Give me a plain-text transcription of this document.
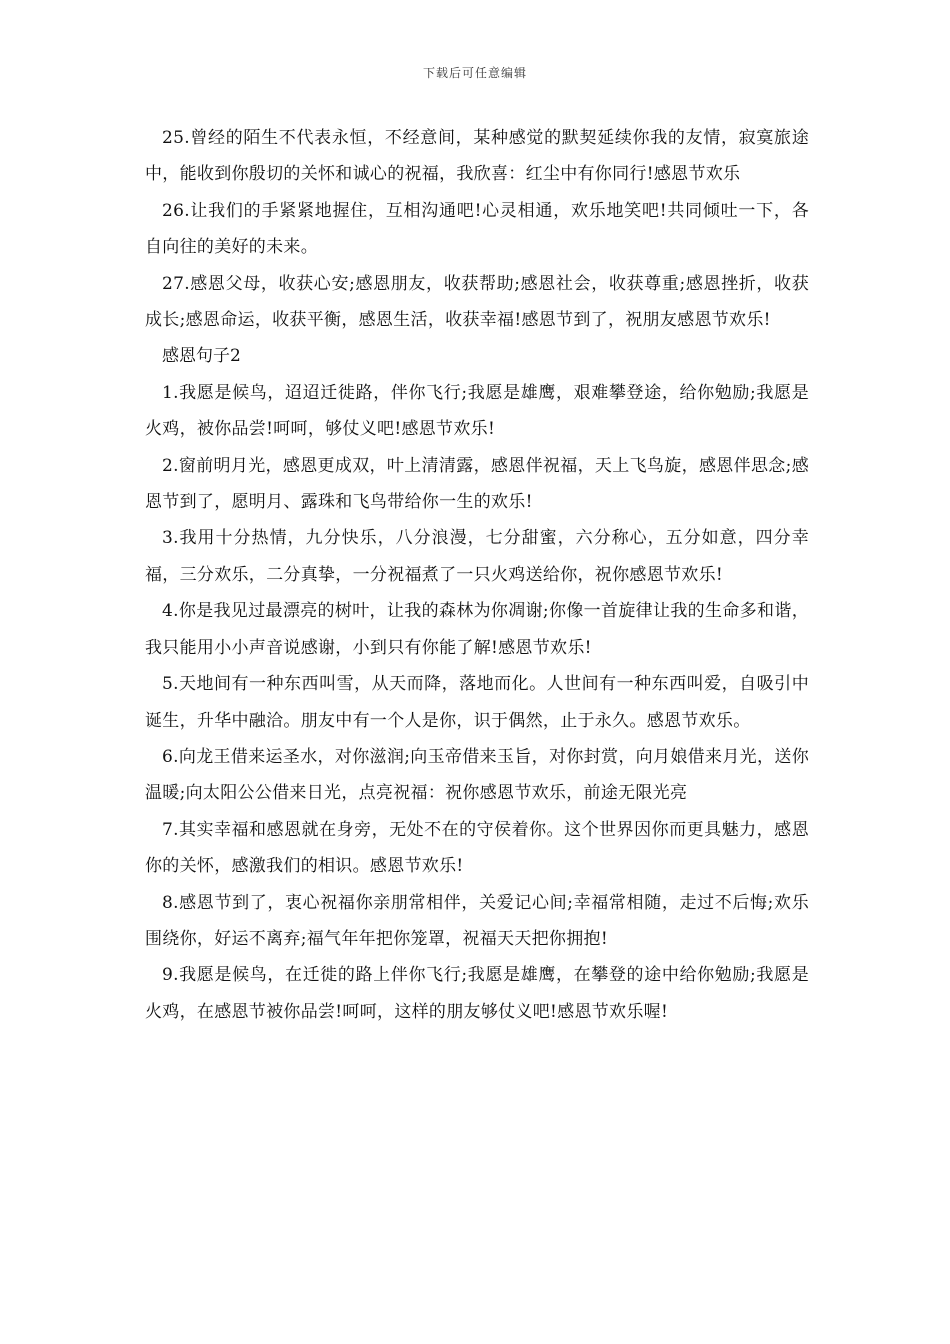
下载后可任意编辑

25.曾经的陌生不代表永恒，不经意间，某种感觉的默契延续你我的友情，寂寞旅途中，能收到你殷切的关怀和诚心的祝福，我欣喜：红尘中有你同行!感恩节欢乐

26.让我们的手紧紧地握住，互相沟通吧!心灵相通，欢乐地笑吧!共同倾吐一下，各自向往的美好的未来。

27.感恩父母，收获心安;感恩朋友，收获帮助;感恩社会，收获尊重;感恩挫折，收获成长;感恩命运，收获平衡，感恩生活，收获幸福!感恩节到了，祝朋友感恩节欢乐!

感恩句子2

1.我愿是候鸟，迢迢迁徙路，伴你飞行;我愿是雄鹰，艰难攀登途，给你勉励;我愿是火鸡，被你品尝!呵呵，够仗义吧!感恩节欢乐!

2.窗前明月光，感恩更成双，叶上清清露，感恩伴祝福，天上飞鸟旋，感恩伴思念;感恩节到了，愿明月、露珠和飞鸟带给你一生的欢乐!

3.我用十分热情，九分快乐，八分浪漫，七分甜蜜，六分称心，五分如意，四分幸福，三分欢乐，二分真挚，一分祝福煮了一只火鸡送给你，祝你感恩节欢乐!

4.你是我见过最漂亮的树叶，让我的森林为你凋谢;你像一首旋律让我的生命多和谐，我只能用小小声音说感谢，小到只有你能了解!感恩节欢乐!

5.天地间有一种东西叫雪，从天而降，落地而化。人世间有一种东西叫爱，自吸引中诞生，升华中融洽。朋友中有一个人是你，识于偶然，止于永久。感恩节欢乐。

6.向龙王借来运圣水，对你滋润;向玉帝借来玉旨，对你封赏，向月娘借来月光，送你温暖;向太阳公公借来日光，点亮祝福：祝你感恩节欢乐，前途无限光亮

7.其实幸福和感恩就在身旁，无处不在的守侯着你。这个世界因你而更具魅力，感恩你的关怀，感激我们的相识。感恩节欢乐!

8.感恩节到了，衷心祝福你亲朋常相伴，关爱记心间;幸福常相随，走过不后悔;欢乐围绕你，好运不离弃;福气年年把你笼罩，祝福天天把你拥抱!

9.我愿是候鸟，在迁徙的路上伴你飞行;我愿是雄鹰，在攀登的途中给你勉励;我愿是火鸡，在感恩节被你品尝!呵呵，这样的朋友够仗义吧!感恩节欢乐喔!
